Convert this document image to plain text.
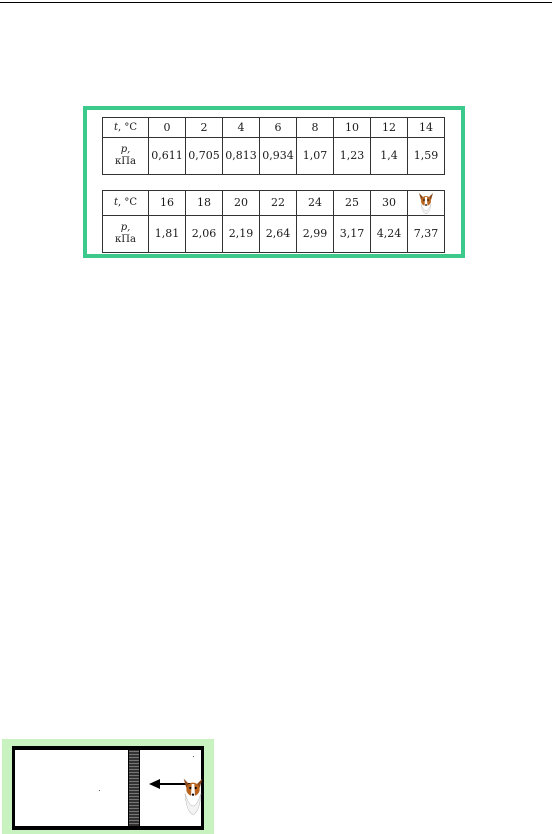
t, °C	0	2	4	6	8	10	12	14
p,
кПа	0,611	0,705	0,813	0,934	1,07	1,23	1,4	1,59
t, °C	16	18	20	22	24	25	30	

p,
кПа	1,81	2,06	2,19	2,64	2,99	3,17	4,24	7,37
